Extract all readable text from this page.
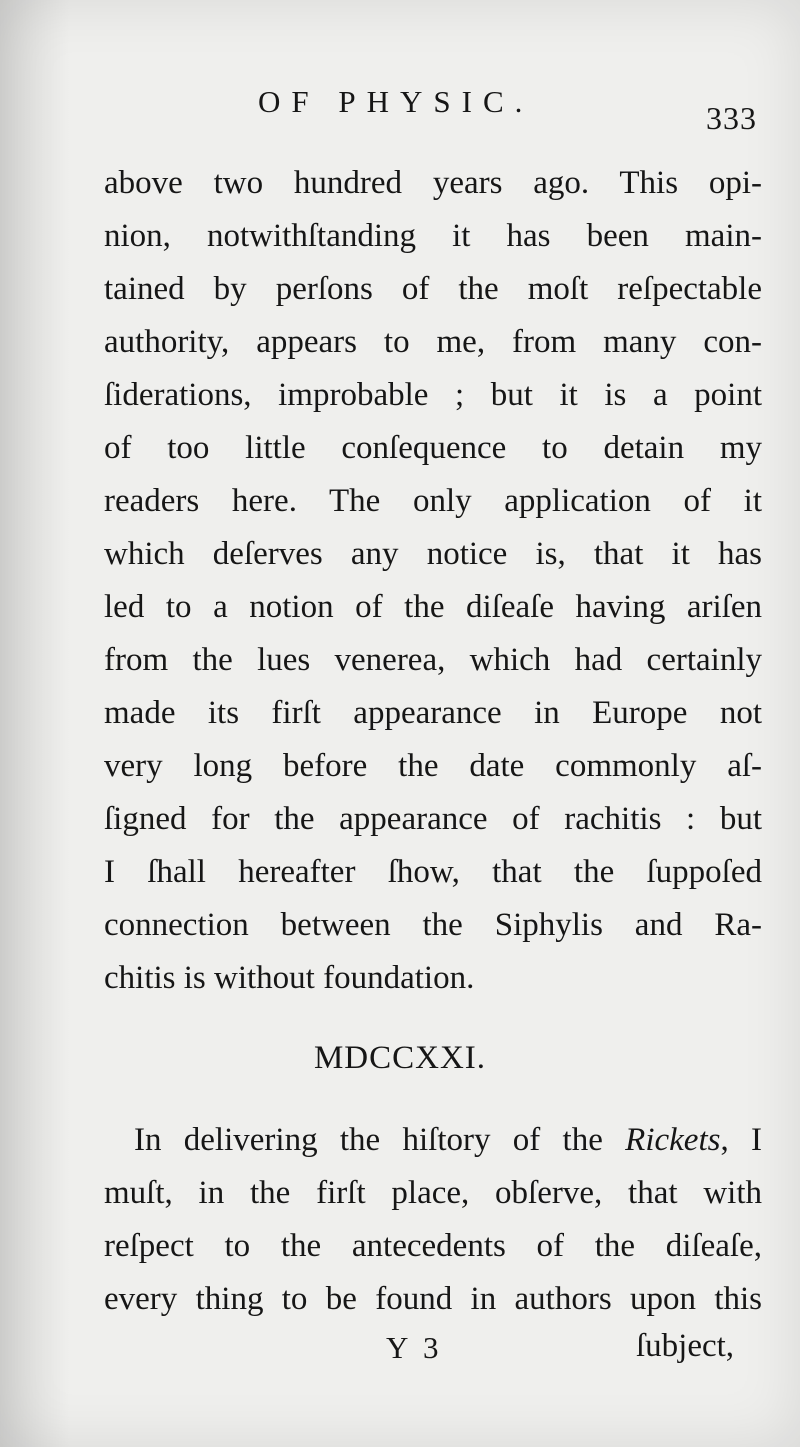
OF PHYSIC.	333
above two hundred years ago. This opi-
nion, notwithſtanding it has been main-
tained by perſons of the moſt reſpectable
authority, appears to me, from many con-
ſiderations, improbable ; but it is a point
of too little conſequence to detain my
readers here. The only application of it
which deſerves any notice is, that it has
led to a notion of the diſeaſe having ariſen
from the lues venerea, which had certainly
made its firſt appearance in Europe not
very long before the date commonly aſ-
ſigned for the appearance of rachitis : but
I ſhall hereafter ſhow, that the ſuppoſed
connection between the Siphylis and Ra-
chitis is without foundation.
MDCCXXI.
In delivering the hiſtory of the Rickets, I
muſt, in the firſt place, obſerve, that with
reſpect to the antecedents of the diſeaſe,
every thing to be found in authors upon this
Y 3	ſubject,
